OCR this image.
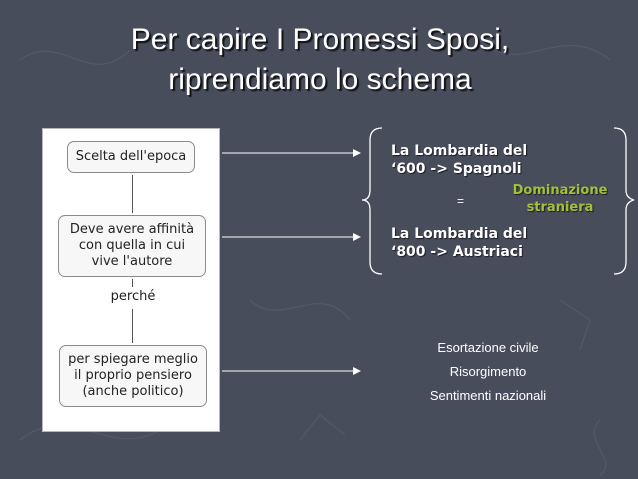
Per capire I Promessi Sposi,
riprendiamo lo schema
Scelta dell'epoca
Deve avere affinità
con quella in cui
vive l'autore
perché
per spiegare meglio
il proprio pensiero
(anche politico)
La Lombardia del
‘600 -> Spagnoli
=
Dominazione
straniera
La Lombardia del
‘800 -> Austriaci
Esortazione civile
Risorgimento
Sentimenti nazionali
